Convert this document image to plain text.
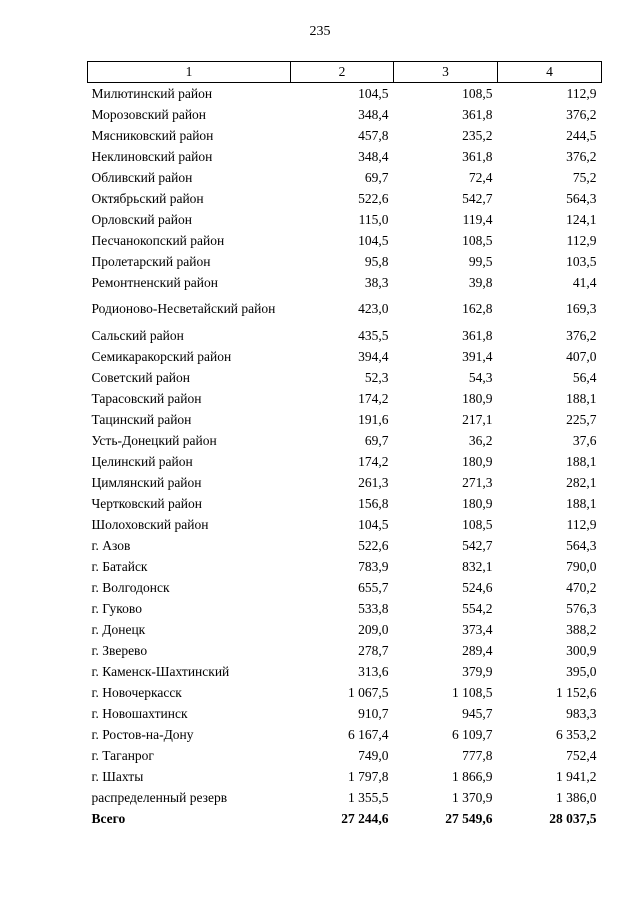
235
1	2	3	4
Милютинский район	104,5	108,5	112,9
Морозовский район	348,4	361,8	376,2
Мясниковский район	457,8	235,2	244,5
Неклиновский район	348,4	361,8	376,2
Обливский район	69,7	72,4	75,2
Октябрьский район	522,6	542,7	564,3
Орловский район	115,0	119,4	124,1
Песчанокопский район	104,5	108,5	112,9
Пролетарский район	95,8	99,5	103,5
Ремонтненский район	38,3	39,8	41,4
Родионово-Несветайский район	423,0	162,8	169,3
Сальский район	435,5	361,8	376,2
Семикаракорский район	394,4	391,4	407,0
Советский район	52,3	54,3	56,4
Тарасовский район	174,2	180,9	188,1
Тацинский район	191,6	217,1	225,7
Усть-Донецкий район	69,7	36,2	37,6
Целинский район	174,2	180,9	188,1
Цимлянский район	261,3	271,3	282,1
Чертковский район	156,8	180,9	188,1
Шолоховский район	104,5	108,5	112,9
г. Азов	522,6	542,7	564,3
г. Батайск	783,9	832,1	790,0
г. Волгодонск	655,7	524,6	470,2
г. Гуково	533,8	554,2	576,3
г. Донецк	209,0	373,4	388,2
г. Зверево	278,7	289,4	300,9
г. Каменск-Шахтинский	313,6	379,9	395,0
г. Новочеркасск	1 067,5	1 108,5	1 152,6
г. Новошахтинск	910,7	945,7	983,3
г. Ростов-на-Дону	6 167,4	6 109,7	6 353,2
г. Таганрог	749,0	777,8	752,4
г. Шахты	1 797,8	1 866,9	1 941,2
распределенный резерв	1 355,5	1 370,9	1 386,0
Всего	27 244,6	27 549,6	28 037,5
